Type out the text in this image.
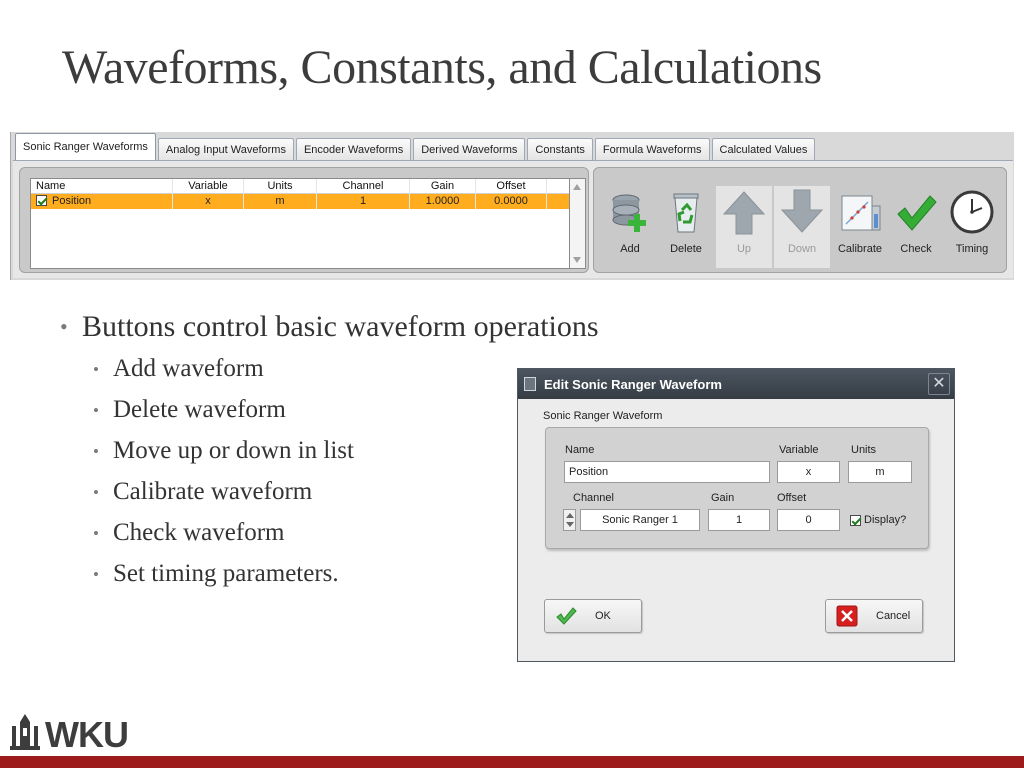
Waveforms, Constants, and Calculations
Sonic Ranger Waveforms	Analog Input Waveforms	Encoder Waveforms	Derived Waveforms	Constants	Formula Waveforms	Calculated Values
Name	Variable	Units	Channel	Gain	Offset
Position	x	m	1	1.0000	0.0000
Add	Delete	Up	Down Calibrate Check Timing
• Buttons control basic waveform operations
• Add waveform
• Delete waveform
• Move up or down in list
• Calibrate waveform
• Check waveform
• Set timing parameters.
Edit Sonic Ranger Waveform	✕
Sonic Ranger Waveform
Name
Position
Variable
x
Units
m
Channel
Sonic Ranger 1
Gain
1
Offset
0	Display?
OK	Cancel
WKU
